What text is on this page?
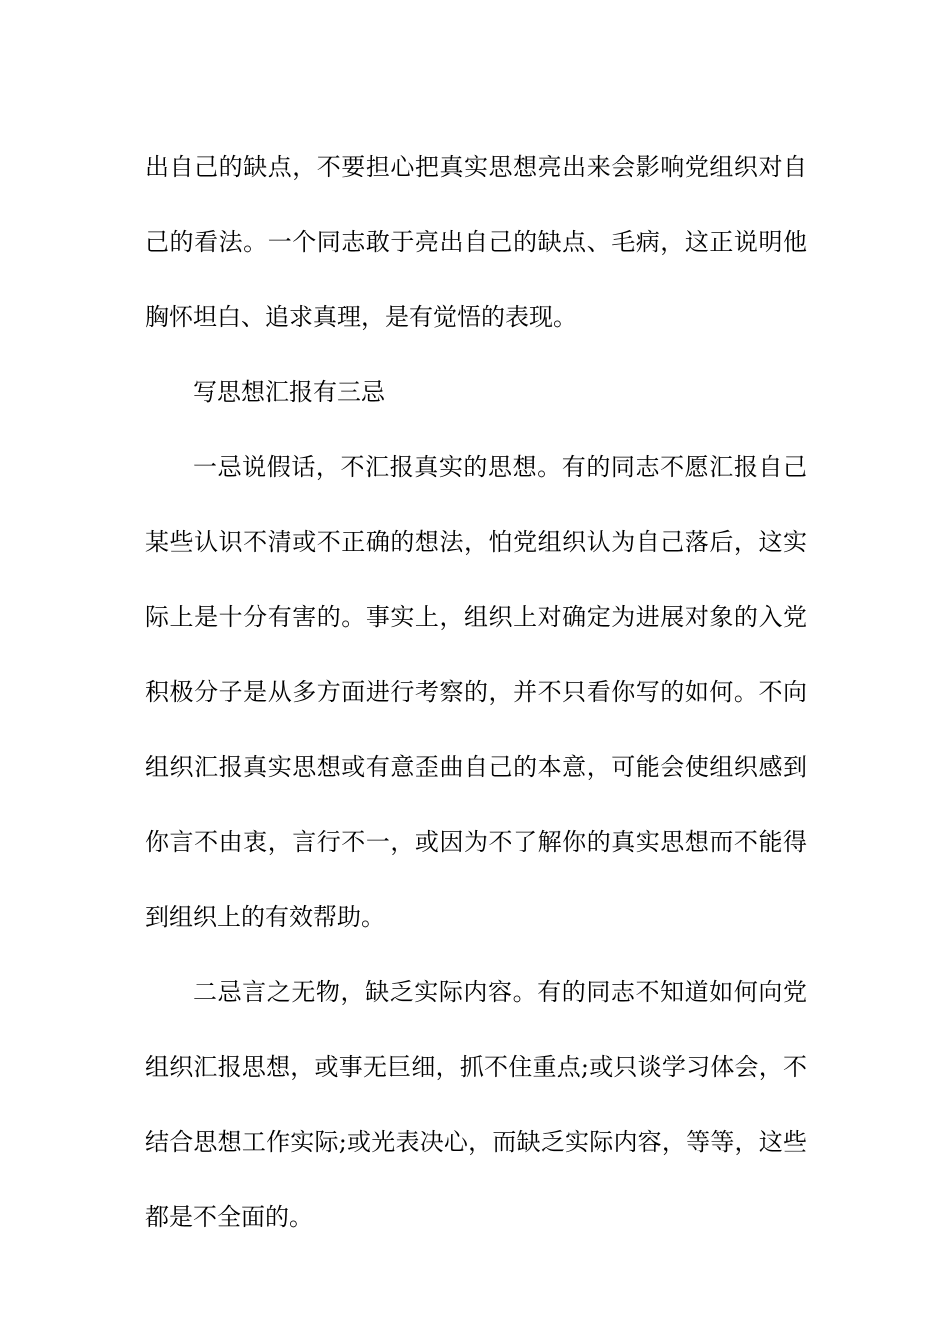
出自己的缺点，不要担心把真实思想亮出来会影响党组织对自
己的看法。一个同志敢于亮出自己的缺点、毛病，这正说明他
胸怀坦白、追求真理，是有觉悟的表现。
写思想汇报有三忌
一忌说假话，不汇报真实的思想。有的同志不愿汇报自己
某些认识不清或不正确的想法，怕党组织认为自己落后，这实
际上是十分有害的。事实上，组织上对确定为进展对象的入党
积极分子是从多方面进行考察的，并不只看你写的如何。不向
组织汇报真实思想或有意歪曲自己的本意，可能会使组织感到
你言不由衷，言行不一，或因为不了解你的真实思想而不能得
到组织上的有效帮助。
二忌言之无物，缺乏实际内容。有的同志不知道如何向党
组织汇报思想，或事无巨细，抓不住重点;或只谈学习体会，不
结合思想工作实际;或光表决心，而缺乏实际内容，等等，这些
都是不全面的。
